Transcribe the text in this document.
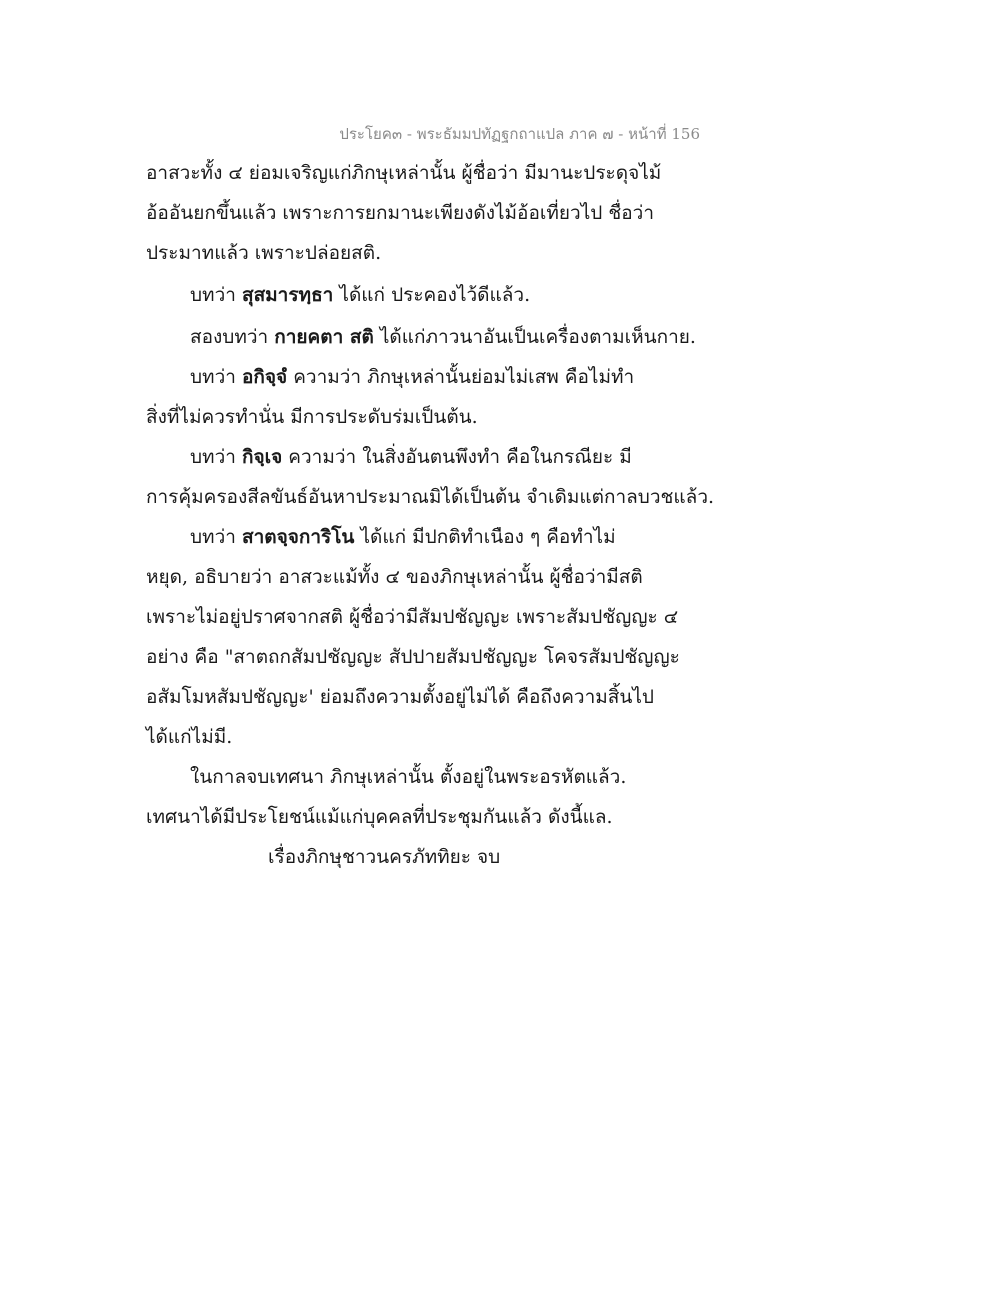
ประโยค๓ - พระธัมมปทัฏฐกถาแปล ภาค ๗ - หน้าที่ 156
อาสวะทั้ง ๔ ย่อมเจริญแก่ภิกษุเหล่านั้น ผู้ชื่อว่า มีมานะประดุจไม้
อ้ออันยกขึ้นแล้ว เพราะการยกมานะเพียงดังไม้อ้อเที่ยวไป ชื่อว่า
ประมาทแล้ว เพราะปล่อยสติ.
บทว่า สุสมารทฺธา ได้แก่ ประคองไว้ดีแล้ว.
สองบทว่า กายคตา สติ ได้แก่ภาวนาอันเป็นเครื่องตามเห็นกาย.
บทว่า อกิจฺจํ ความว่า ภิกษุเหล่านั้นย่อมไม่เสพ คือไม่ทำ
สิ่งที่ไม่ควรทำนั่น มีการประดับร่มเป็นต้น.
บทว่า กิจฺเจ ความว่า ในสิ่งอันตนพึงทำ คือในกรณียะ มี
การคุ้มครองสีลขันธ์อันหาประมาณมิได้เป็นต้น จำเดิมแต่กาลบวชแล้ว.
บทว่า สาตจฺจการิโน ได้แก่ มีปกติทำเนือง ๆ คือทำไม่
หยุด, อธิบายว่า อาสวะแม้ทั้ง ๔ ของภิกษุเหล่านั้น ผู้ชื่อว่ามีสติ
เพราะไม่อยู่ปราศจากสติ ผู้ชื่อว่ามีสัมปชัญญะ เพราะสัมปชัญญะ ๔
อย่าง คือ "สาตถกสัมปชัญญะ สัปปายสัมปชัญญะ โคจรสัมปชัญญะ
อสัมโมหสัมปชัญญะ' ย่อมถึงความตั้งอยู่ไม่ได้ คือถึงความสิ้นไป
ได้แก่ไม่มี.
ในกาลจบเทศนา ภิกษุเหล่านั้น ตั้งอยู่ในพระอรหัตแล้ว.
เทศนาได้มีประโยชน์แม้แก่บุคคลที่ประชุมกันแล้ว ดังนี้แล.
เรื่องภิกษุชาวนครภัททิยะ จบ
